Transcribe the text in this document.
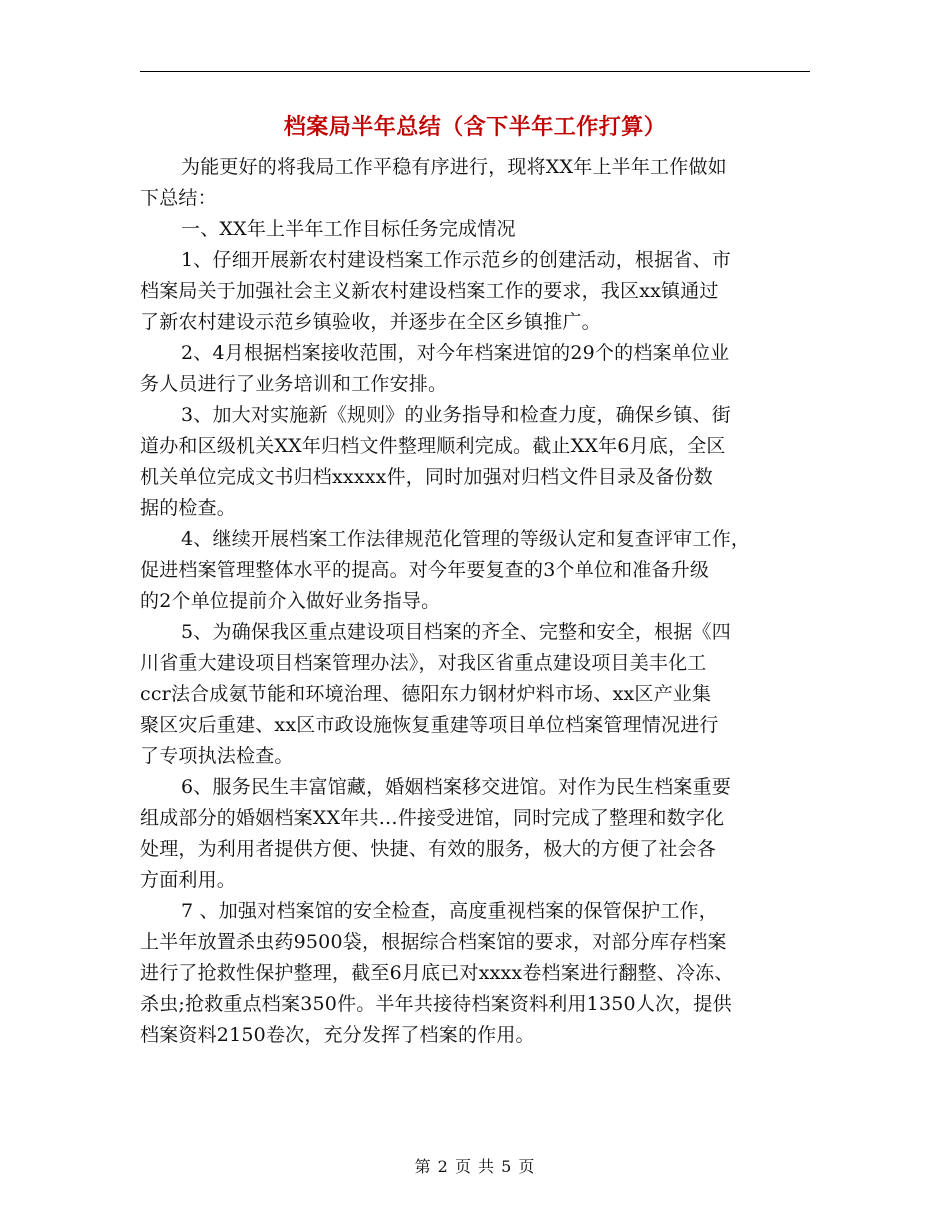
档案局半年总结（含下半年工作打算）
为能更好的将我局工作平稳有序进行，现将XX年上半年工作做如
下总结：
一、XX年上半年工作目标任务完成情况
1、仔细开展新农村建设档案工作示范乡的创建活动，根据省、市
档案局关于加强社会主义新农村建设档案工作的要求，我区xx镇通过
了新农村建设示范乡镇验收，并逐步在全区乡镇推广。
2、4月根据档案接收范围，对今年档案进馆的29个的档案单位业
务人员进行了业务培训和工作安排。
3、加大对实施新《规则》的业务指导和检查力度，确保乡镇、街
道办和区级机关XX年归档文件整理顺利完成。截止XX年6月底，全区
机关单位完成文书归档xxxxx件，同时加强对归档文件目录及备份数
据的检查。
4、继续开展档案工作法律规范化管理的等级认定和复查评审工作，
促进档案管理整体水平的提高。对今年要复查的3个单位和准备升级
的2个单位提前介入做好业务指导。
5、为确保我区重点建设项目档案的齐全、完整和安全，根据《四
川省重大建设项目档案管理办法》，对我区省重点建设项目美丰化工
ccr法合成氨节能和环境治理、德阳东力钢材炉料市场、xx区产业集
聚区灾后重建、xx区市政设施恢复重建等项目单位档案管理情况进行
了专项执法检查。
6、服务民生丰富馆藏，婚姻档案移交进馆。对作为民生档案重要
组成部分的婚姻档案XX年共…件接受进馆，同时完成了整理和数字化
处理，为利用者提供方便、快捷、有效的服务，极大的方便了社会各
方面利用。
7 、加强对档案馆的安全检查，高度重视档案的保管保护工作，
上半年放置杀虫药9500袋，根据综合档案馆的要求，对部分库存档案
进行了抢救性保护整理，截至6月底已对xxxx卷档案进行翻整、冷冻、
杀虫;抢救重点档案350件。半年共接待档案资料利用1350人次，提供
档案资料2150卷次，充分发挥了档案的作用。
第 2 页 共 5 页
